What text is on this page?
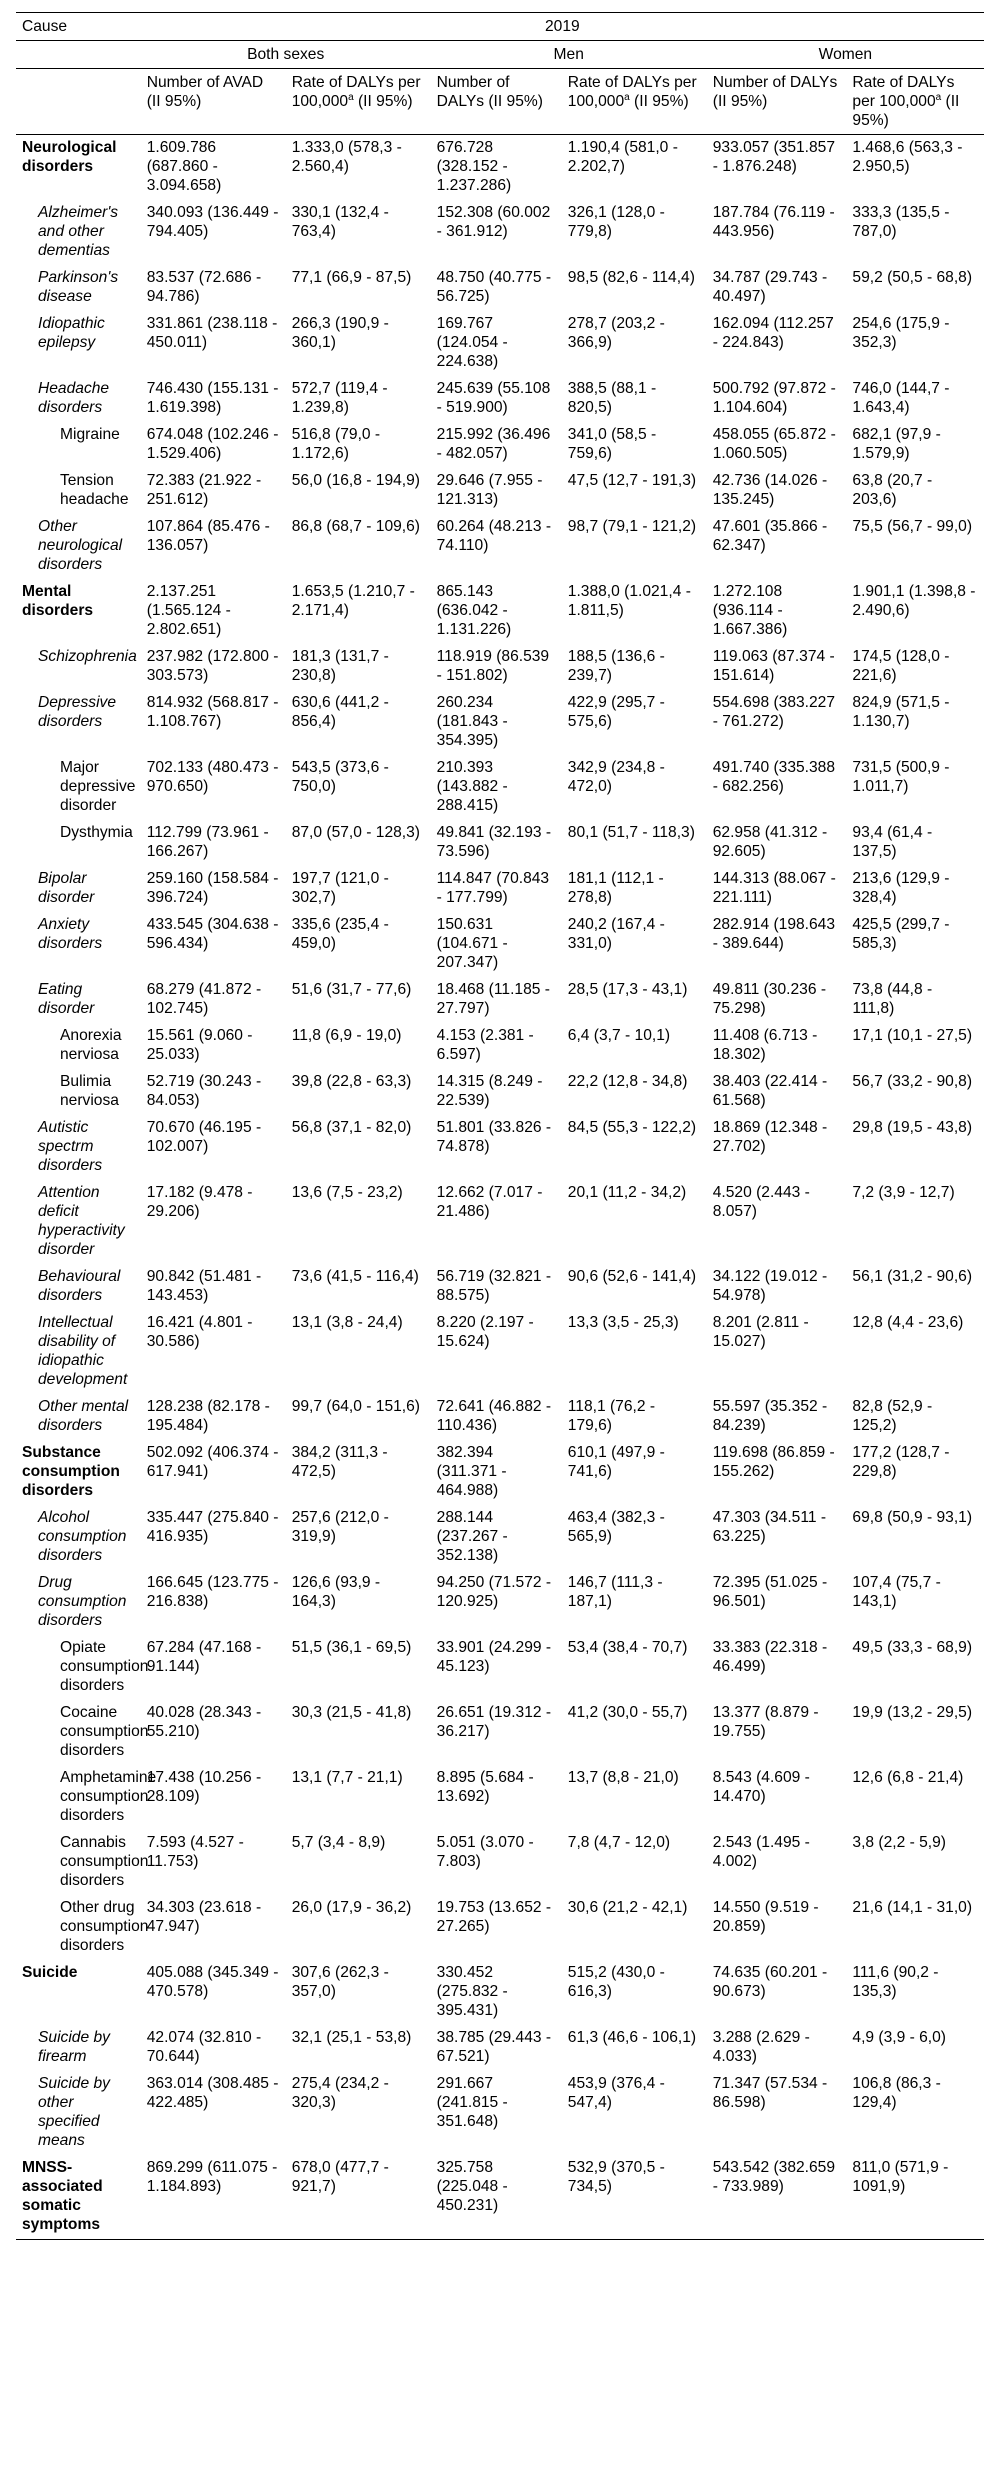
Cause	2019					
	Both sexes		Men		Women	
	Number of AVAD (II 95%)	Rate of DALYs per 100,000$^a$ (II 95%)	Number of DALYs (II 95%)	Rate of DALYs per 100,000$^a$ (II 95%)	Number of DALYs (II 95%)	Rate of DALYs per 100,000$^a$ (II 95%)
Neurological disorders	1.609.786 (687.860 - 3.094.658)	1.333,0 (578,3 - 2.560,4)	676.728 (328.152 - 1.237.286)	1.190,4 (581,0 - 2.202,7)	933.057 (351.857 - 1.876.248)	1.468,6 (563,3 - 2.950,5)
Alzheimer's and other dementias	340.093 (136.449 - 794.405)	330,1 (132,4 - 763,4)	152.308 (60.002 - 361.912)	326,1 (128,0 - 779,8)	187.784 (76.119 - 443.956)	333,3 (135,5 - 787,0)
Parkinson's disease	83.537 (72.686 - 94.786)	77,1 (66,9 - 87,5)	48.750 (40.775 - 56.725)	98,5 (82,6 - 114,4)	34.787 (29.743 - 40.497)	59,2 (50,5 - 68,8)
Idiopathic epilepsy	331.861 (238.118 - 450.011)	266,3 (190,9 - 360,1)	169.767 (124.054 - 224.638)	278,7 (203,2 - 366,9)	162.094 (112.257 - 224.843)	254,6 (175,9 - 352,3)
Headache disorders	746.430 (155.131 - 1.619.398)	572,7 (119,4 - 1.239,8)	245.639 (55.108 - 519.900)	388,5 (88,1 - 820,5)	500.792 (97.872 - 1.104.604)	746,0 (144,7 - 1.643,4)
Migraine	674.048 (102.246 - 1.529.406)	516,8 (79,0 - 1.172,6)	215.992 (36.496 - 482.057)	341,0 (58,5 - 759,6)	458.055 (65.872 - 1.060.505)	682,1 (97,9 - 1.579,9)
Tension headache	72.383 (21.922 - 251.612)	56,0 (16,8 - 194,9)	29.646 (7.955 - 121.313)	47,5 (12,7 - 191,3)	42.736 (14.026 - 135.245)	63,8 (20,7 - 203,6)
Other neurological disorders	107.864 (85.476 - 136.057)	86,8 (68,7 - 109,6)	60.264 (48.213 - 74.110)	98,7 (79,1 - 121,2)	47.601 (35.866 - 62.347)	75,5 (56,7 - 99,0)
Mental disorders	2.137.251 (1.565.124 - 2.802.651)	1.653,5 (1.210,7 - 2.171,4)	865.143 (636.042 - 1.131.226)	1.388,0 (1.021,4 - 1.811,5)	1.272.108 (936.114 - 1.667.386)	1.901,1 (1.398,8 - 2.490,6)
Schizophrenia	237.982 (172.800 - 303.573)	181,3 (131,7 - 230,8)	118.919 (86.539 - 151.802)	188,5 (136,6 - 239,7)	119.063 (87.374 - 151.614)	174,5 (128,0 - 221,6)
Depressive disorders	814.932 (568.817 - 1.108.767)	630,6 (441,2 - 856,4)	260.234 (181.843 - 354.395)	422,9 (295,7 - 575,6)	554.698 (383.227 - 761.272)	824,9 (571,5 - 1.130,7)
Major depressive disorder	702.133 (480.473 - 970.650)	543,5 (373,6 - 750,0)	210.393 (143.882 - 288.415)	342,9 (234,8 - 472,0)	491.740 (335.388 - 682.256)	731,5 (500,9 - 1.011,7)
Dysthymia	112.799 (73.961 - 166.267)	87,0 (57,0 - 128,3)	49.841 (32.193 - 73.596)	80,1 (51,7 - 118,3)	62.958 (41.312 - 92.605)	93,4 (61,4 - 137,5)
Bipolar disorder	259.160 (158.584 - 396.724)	197,7 (121,0 - 302,7)	114.847 (70.843 - 177.799)	181,1 (112,1 - 278,8)	144.313 (88.067 - 221.111)	213,6 (129,9 - 328,4)
Anxiety disorders	433.545 (304.638 - 596.434)	335,6 (235,4 - 459,0)	150.631 (104.671 - 207.347)	240,2 (167,4 - 331,0)	282.914 (198.643 - 389.644)	425,5 (299,7 - 585,3)
Eating disorder	68.279 (41.872 - 102.745)	51,6 (31,7 - 77,6)	18.468 (11.185 - 27.797)	28,5 (17,3 - 43,1)	49.811 (30.236 - 75.298)	73,8 (44,8 - 111,8)
Anorexia nerviosa	15.561 (9.060 - 25.033)	11,8 (6,9 - 19,0)	4.153 (2.381 - 6.597)	6,4 (3,7 - 10,1)	11.408 (6.713 - 18.302)	17,1 (10,1 - 27,5)
Bulimia nerviosa	52.719 (30.243 - 84.053)	39,8 (22,8 - 63,3)	14.315 (8.249 - 22.539)	22,2 (12,8 - 34,8)	38.403 (22.414 - 61.568)	56,7 (33,2 - 90,8)
Autistic spectrm disorders	70.670 (46.195 - 102.007)	56,8 (37,1 - 82,0)	51.801 (33.826 - 74.878)	84,5 (55,3 - 122,2)	18.869 (12.348 - 27.702)	29,8 (19,5 - 43,8)
Attention deficit hyperactivity disorder	17.182 (9.478 - 29.206)	13,6 (7,5 - 23,2)	12.662 (7.017 - 21.486)	20,1 (11,2 - 34,2)	4.520 (2.443 - 8.057)	7,2 (3,9 - 12,7)
Behavioural disorders	90.842 (51.481 - 143.453)	73,6 (41,5 - 116,4)	56.719 (32.821 - 88.575)	90,6 (52,6 - 141,4)	34.122 (19.012 - 54.978)	56,1 (31,2 - 90,6)
Intellectual disability of idiopathic development	16.421 (4.801 - 30.586)	13,1 (3,8 - 24,4)	8.220 (2.197 - 15.624)	13,3 (3,5 - 25,3)	8.201 (2.811 - 15.027)	12,8 (4,4 - 23,6)
Other mental disorders	128.238 (82.178 - 195.484)	99,7 (64,0 - 151,6)	72.641 (46.882 - 110.436)	118,1 (76,2 - 179,6)	55.597 (35.352 - 84.239)	82,8 (52,9 - 125,2)
Substance consumption disorders	502.092 (406.374 - 617.941)	384,2 (311,3 - 472,5)	382.394 (311.371 - 464.988)	610,1 (497,9 - 741,6)	119.698 (86.859 - 155.262)	177,2 (128,7 - 229,8)
Alcohol consumption disorders	335.447 (275.840 - 416.935)	257,6 (212,0 - 319,9)	288.144 (237.267 - 352.138)	463,4 (382,3 - 565,9)	47.303 (34.511 - 63.225)	69,8 (50,9 - 93,1)
Drug consumption disorders	166.645 (123.775 - 216.838)	126,6 (93,9 - 164,3)	94.250 (71.572 - 120.925)	146,7 (111,3 - 187,1)	72.395 (51.025 - 96.501)	107,4 (75,7 - 143,1)
Opiate consumption disorders	67.284 (47.168 - 91.144)	51,5 (36,1 - 69,5)	33.901 (24.299 - 45.123)	53,4 (38,4 - 70,7)	33.383 (22.318 - 46.499)	49,5 (33,3 - 68,9)
Cocaine consumption disorders	40.028 (28.343 - 55.210)	30,3 (21,5 - 41,8)	26.651 (19.312 - 36.217)	41,2 (30,0 - 55,7)	13.377 (8.879 - 19.755)	19,9 (13,2 - 29,5)
Amphetamine consumption disorders	17.438 (10.256 - 28.109)	13,1 (7,7 - 21,1)	8.895 (5.684 - 13.692)	13,7 (8,8 - 21,0)	8.543 (4.609 - 14.470)	12,6 (6,8 - 21,4)
Cannabis consumption disorders	7.593 (4.527 - 11.753)	5,7 (3,4 - 8,9)	5.051 (3.070 - 7.803)	7,8 (4,7 - 12,0)	2.543 (1.495 - 4.002)	3,8 (2,2 - 5,9)
Other drug consumption disorders	34.303 (23.618 - 47.947)	26,0 (17,9 - 36,2)	19.753 (13.652 - 27.265)	30,6 (21,2 - 42,1)	14.550 (9.519 - 20.859)	21,6 (14,1 - 31,0)
Suicide	405.088 (345.349 - 470.578)	307,6 (262,3 - 357,0)	330.452 (275.832 - 395.431)	515,2 (430,0 - 616,3)	74.635 (60.201 - 90.673)	111,6 (90,2 - 135,3)
Suicide by firearm	42.074 (32.810 - 70.644)	32,1 (25,1 - 53,8)	38.785 (29.443 - 67.521)	61,3 (46,6 - 106,1)	3.288 (2.629 - 4.033)	4,9 (3,9 - 6,0)
Suicide by other specified means	363.014 (308.485 - 422.485)	275,4 (234,2 - 320,3)	291.667 (241.815 - 351.648)	453,9 (376,4 - 547,4)	71.347 (57.534 - 86.598)	106,8 (86,3 - 129,4)
MNSS-associated somatic symptoms	869.299 (611.075 - 1.184.893)	678,0 (477,7 - 921,7)	325.758 (225.048 - 450.231)	532,9 (370,5 - 734,5)	543.542 (382.659 - 733.989)	811,0 (571,9 - 1091,9)
